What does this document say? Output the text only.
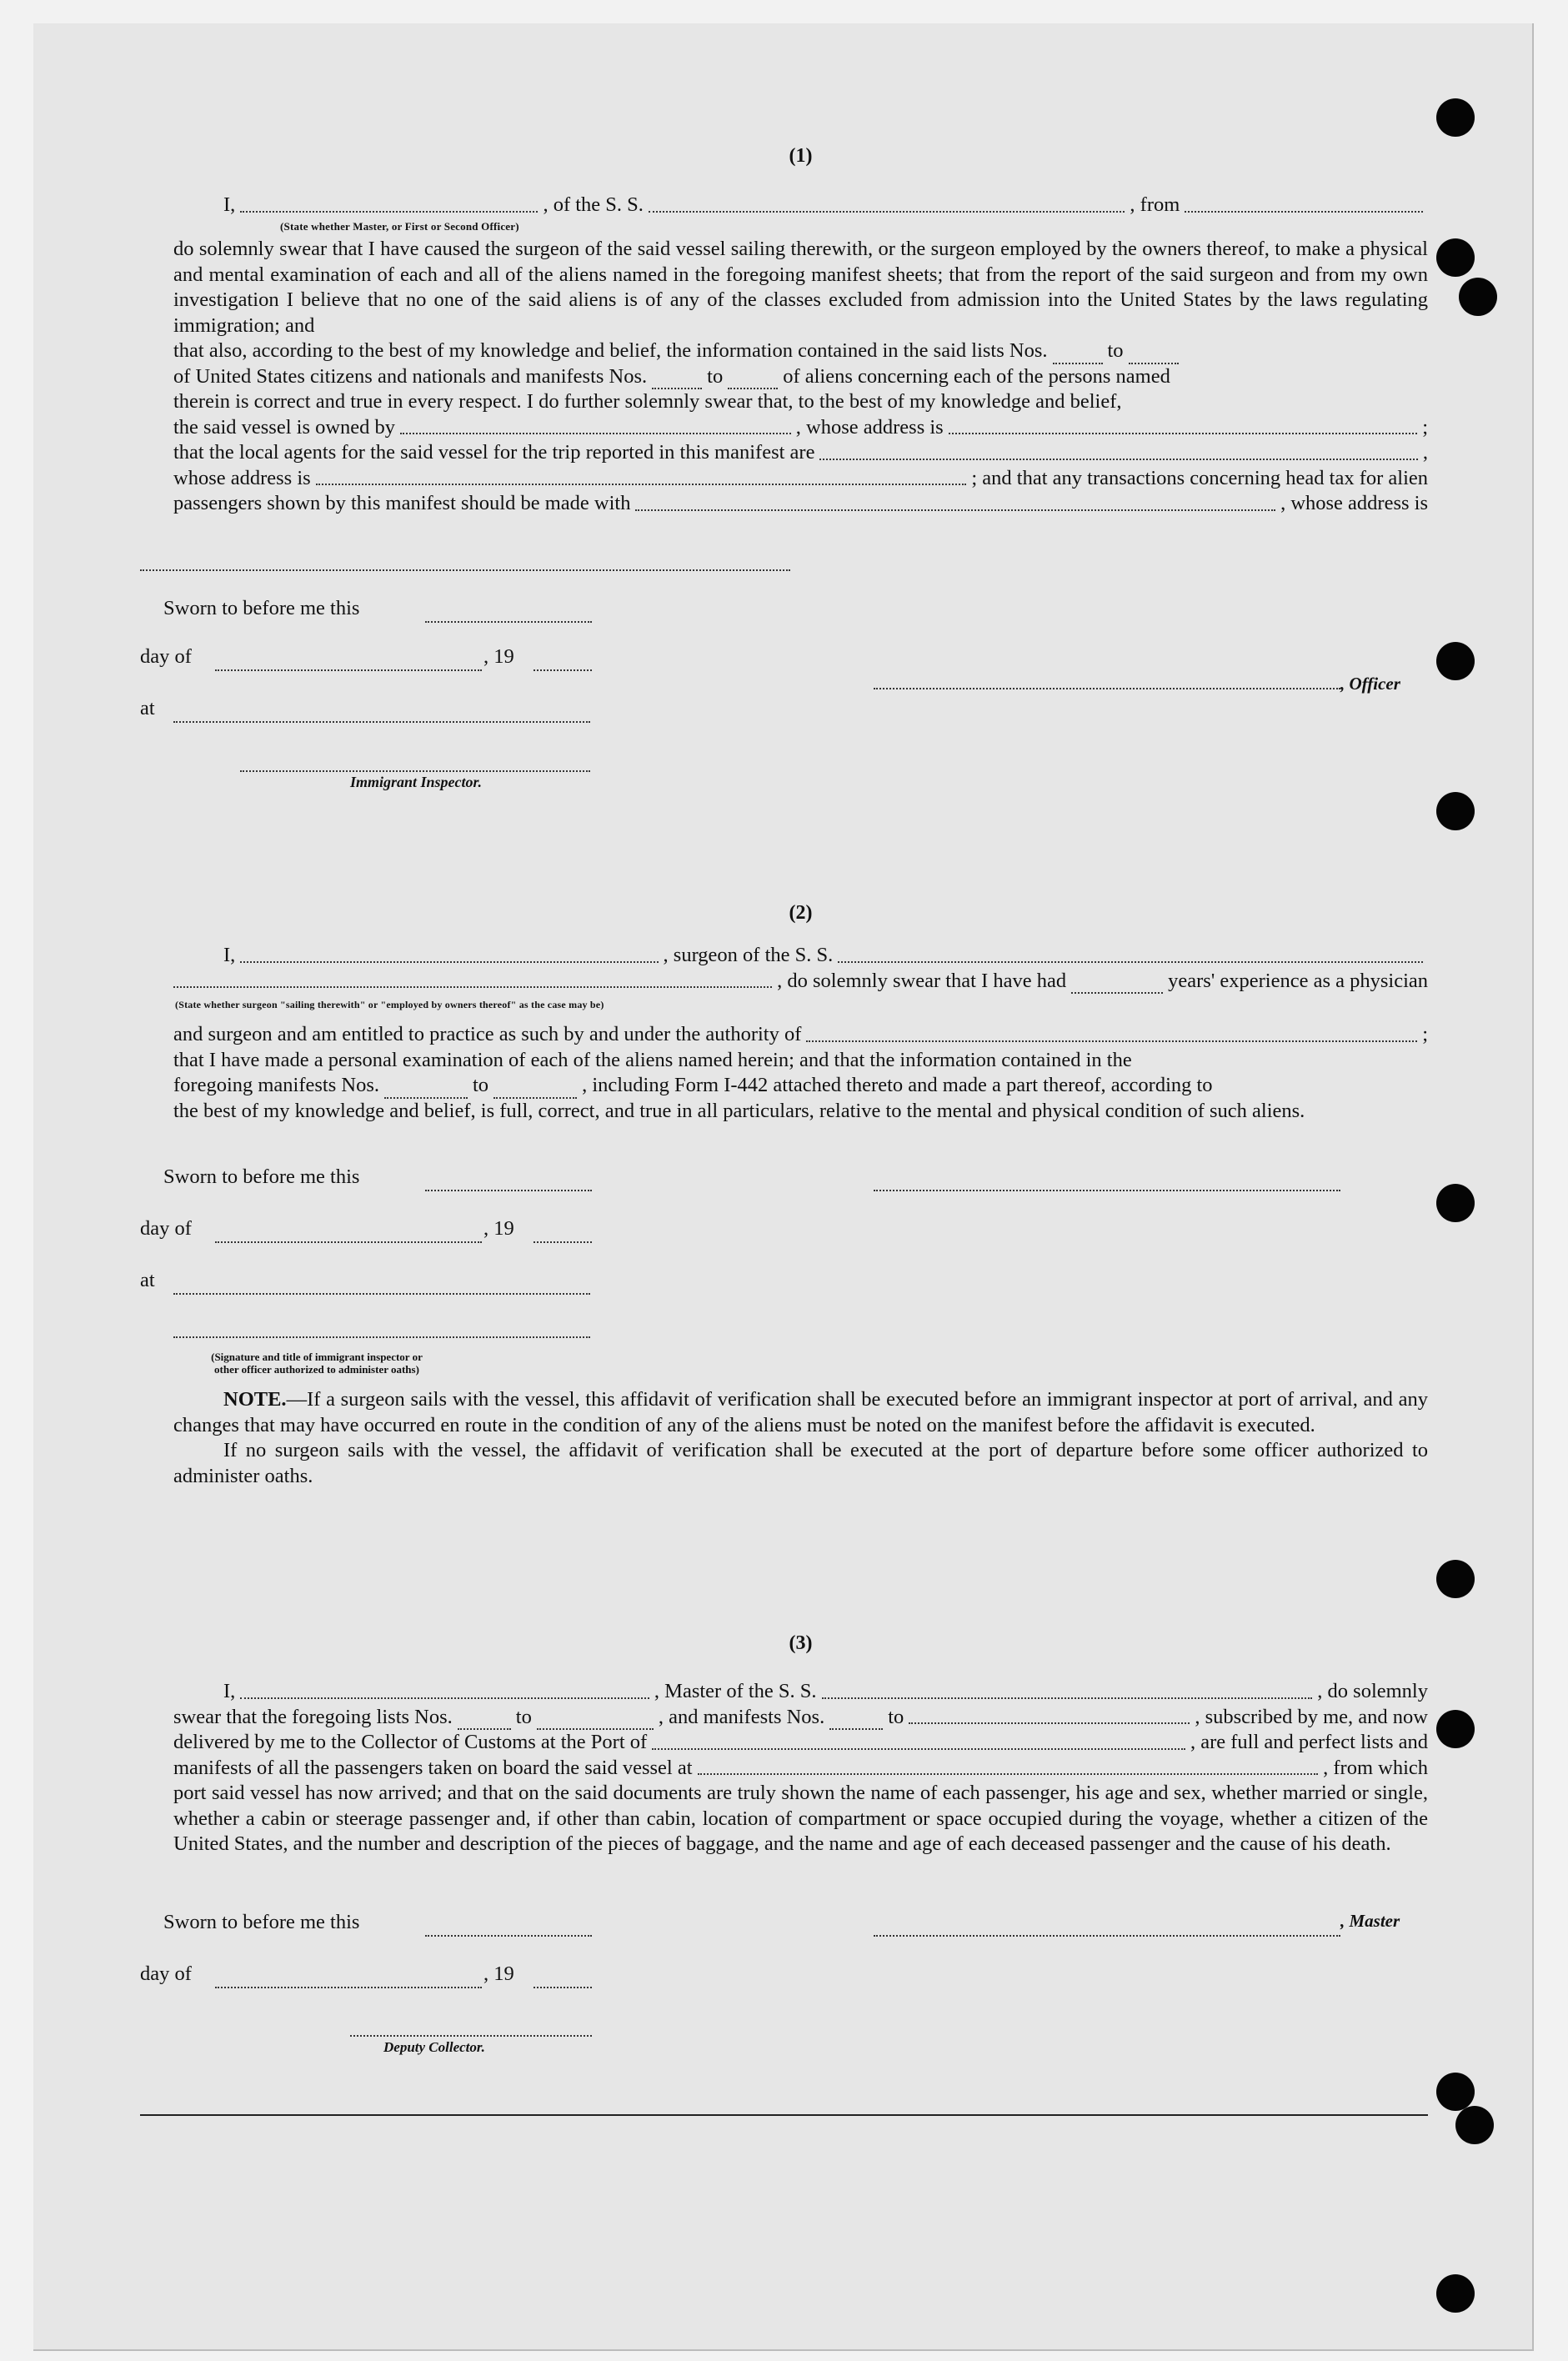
(1)
I,	, of the S. S.	, from
(State whether Master, or First or Second Officer)

do solemnly swear that I have caused the surgeon of the said vessel sailing therewith, or the surgeon employed by the owners thereof, to make a physical and mental examination of each and all of the aliens named in the foregoing manifest sheets; that from the report of the said surgeon and from my own investigation I believe that no one of the said aliens is of any of the classes excluded from admission into the United States by the laws regulating immigration; and

that also, according to the best of my knowledge and belief, the information contained in the said lists Nos.	to
of United States citizens and nationals and manifests Nos.	to	of aliens concerning each of the persons named

therein is correct and true in every respect. I do further solemnly swear that, to the best of my knowledge and belief,

the said vessel is owned by	, whose address is	;
that the local agents for the said vessel for the trip reported in this manifest are	,
whose address is	; and that any transactions concerning head tax for alien
passengers shown by this manifest should be made with	, whose address is
Sworn to before me this
day of	, 19
, Officer
at
Immigrant Inspector.
(2)
I,	, surgeon of the S. S.
, do solemnly swear that I have had	years' experience as a physician
(State whether surgeon "sailing therewith" or "employed by owners thereof" as the case may be)
and surgeon and am entitled to practice as such by and under the authority of	;

that I have made a personal examination of each of the aliens named herein; and that the information contained in the

foregoing manifests Nos.	to	, including Form I-442 attached thereto and made a part thereof, according to

the best of my knowledge and belief, is full, correct, and true in all particulars, relative to the mental and physical condition of such aliens.

Sworn to before me this
day of	, 19
at
(Signature and title of immigrant inspector or other officer authorized to administer oaths)

NOTE.—If a surgeon sails with the vessel, this affidavit of verification shall be executed before an immigrant inspector at port of arrival, and any changes that may have occurred en route in the condition of any of the aliens must be noted on the manifest before the affidavit is executed.

If no surgeon sails with the vessel, the affidavit of verification shall be executed at the port of departure before some officer authorized to administer oaths.

(3)
I,	, Master of the S. S.	, do solemnly
swear that the foregoing lists Nos.	to	, and manifests Nos.	to	, subscribed by me, and now
delivered by me to the Collector of Customs at the Port of	, are full and perfect lists and
manifests of all the passengers taken on board the said vessel at	, from which

port said vessel has now arrived; and that on the said documents are truly shown the name of each passenger, his age and sex, whether married or single, whether a cabin or steerage passenger and, if other than cabin, location of compartment or space occupied during the voyage, whether a citizen of the United States, and the number and description of the pieces of baggage, and the name and age of each deceased passenger and the cause of his death.

Sworn to before me this	, Master
day of	, 19
Deputy Collector.
